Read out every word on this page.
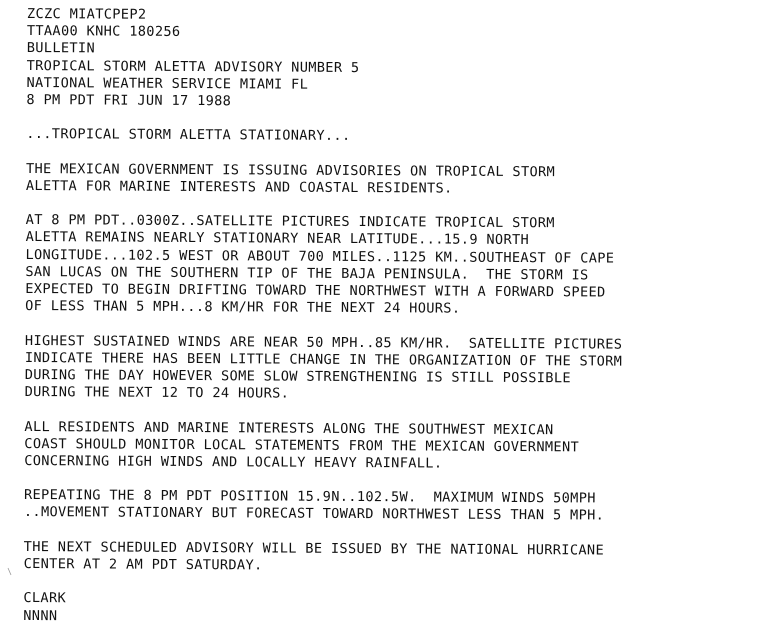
ZCZC MIATCPEP2
TTAA00 KNHC 180256
BULLETIN
TROPICAL STORM ALETTA ADVISORY NUMBER 5
NATIONAL WEATHER SERVICE MIAMI FL
8 PM PDT FRI JUN 17 1988
...TROPICAL STORM ALETTA STATIONARY...
THE MEXICAN GOVERNMENT IS ISSUING ADVISORIES ON TROPICAL STORM
ALETTA FOR MARINE INTERESTS AND COASTAL RESIDENTS.
AT 8 PM PDT..0300Z..SATELLITE PICTURES INDICATE TROPICAL STORM
ALETTA REMAINS NEARLY STATIONARY NEAR LATITUDE...15.9 NORTH
LONGITUDE...102.5 WEST OR ABOUT 700 MILES..1125 KM..SOUTHEAST OF CAPE
SAN LUCAS ON THE SOUTHERN TIP OF THE BAJA PENINSULA.  THE STORM IS
EXPECTED TO BEGIN DRIFTING TOWARD THE NORTHWEST WITH A FORWARD SPEED
OF LESS THAN 5 MPH...8 KM/HR FOR THE NEXT 24 HOURS.
HIGHEST SUSTAINED WINDS ARE NEAR 50 MPH..85 KM/HR.  SATELLITE PICTURES
INDICATE THERE HAS BEEN LITTLE CHANGE IN THE ORGANIZATION OF THE STORM
DURING THE DAY HOWEVER SOME SLOW STRENGTHENING IS STILL POSSIBLE
DURING THE NEXT 12 TO 24 HOURS.
ALL RESIDENTS AND MARINE INTERESTS ALONG THE SOUTHWEST MEXICAN
COAST SHOULD MONITOR LOCAL STATEMENTS FROM THE MEXICAN GOVERNMENT
CONCERNING HIGH WINDS AND LOCALLY HEAVY RAINFALL.
REPEATING THE 8 PM PDT POSITION 15.9N..102.5W.  MAXIMUM WINDS 50MPH
..MOVEMENT STATIONARY BUT FORECAST TOWARD NORTHWEST LESS THAN 5 MPH.
THE NEXT SCHEDULED ADVISORY WILL BE ISSUED BY THE NATIONAL HURRICANE
CENTER AT 2 AM PDT SATURDAY.
CLARK
NNNN
